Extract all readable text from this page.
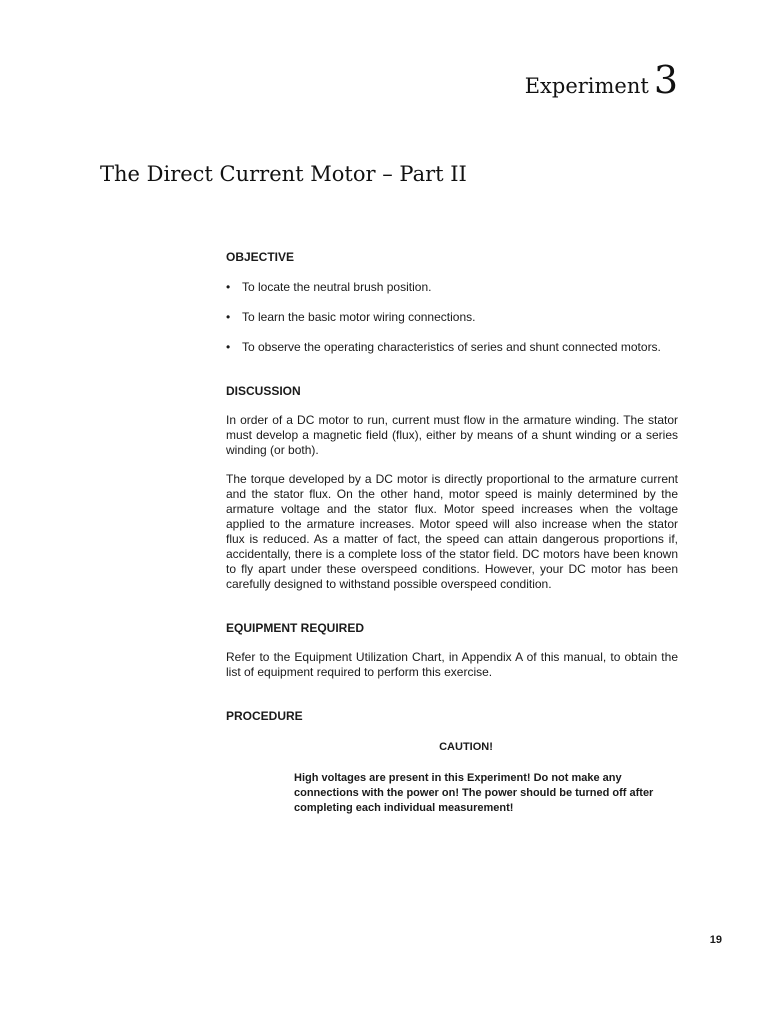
Experiment 3
The Direct Current Motor – Part II
OBJECTIVE
• To locate the neutral brush position.
• To learn the basic motor wiring connections.
• To observe the operating characteristics of series and shunt connected motors.
DISCUSSION

In order of a DC motor to run, current must flow in the armature winding. The stator must develop a magnetic field (flux), either by means of a shunt winding or a series winding (or both).

The torque developed by a DC motor is directly proportional to the armature current and the stator flux. On the other hand, motor speed is mainly determined by the armature voltage and the stator flux. Motor speed increases when the voltage applied to the armature increases. Motor speed will also increase when the stator flux is reduced. As a matter of fact, the speed can attain dangerous proportions if, accidentally, there is a complete loss of the stator field. DC motors have been known to fly apart under these overspeed conditions. However, your DC motor has been carefully designed to withstand possible overspeed condition.

EQUIPMENT REQUIRED

Refer to the Equipment Utilization Chart, in Appendix A of this manual, to obtain the list of equipment required to perform this exercise.

PROCEDURE

CAUTION!

High voltages are present in this Experiment! Do not make any connections with the power on! The power should be turned off after completing each individual measurement!

19
